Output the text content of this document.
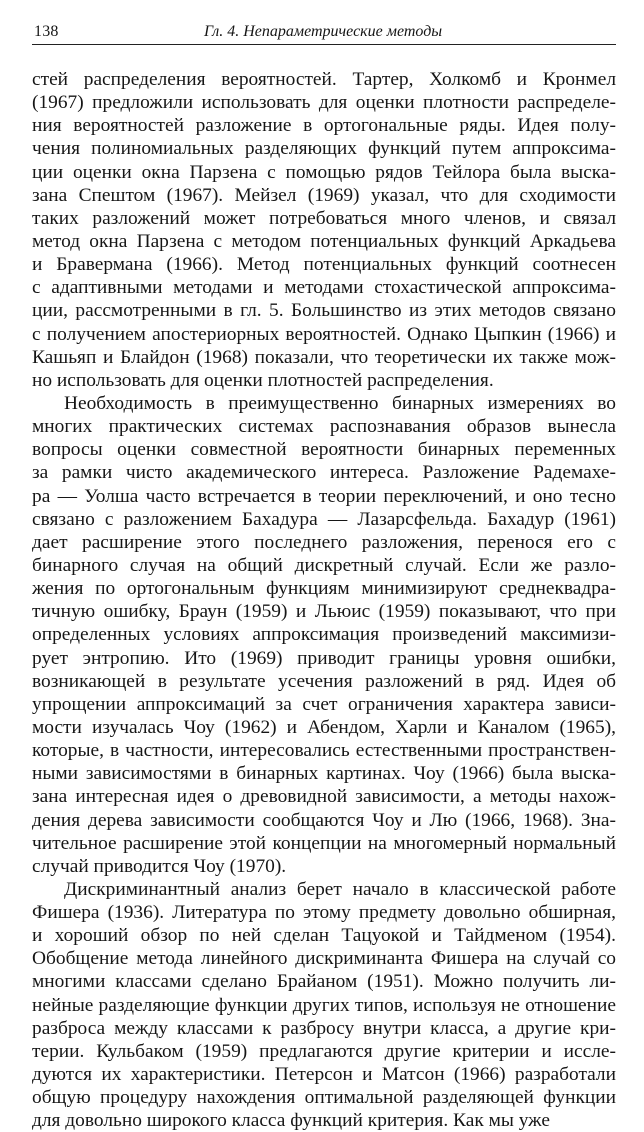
138	Гл. 4. Непараметрические методы
стей распределения вероятностей. Тартер, Холкомб и Кронмел
(1967) предложили использовать для оценки плотности распределе-
ния вероятностей разложение в ортогональные ряды. Идея полу-
чения полиномиальных разделяющих функций путем аппроксима-
ции оценки окна Парзена с помощью рядов Тейлора была выска-
зана Спештом (1967). Мейзел (1969) указал, что для сходимости
таких разложений может потребоваться много членов, и связал
метод окна Парзена с методом потенциальных функций Аркадьева
и Бравермана (1966). Метод потенциальных функций соотнесен
с адаптивными методами и методами стохастической аппроксима-
ции, рассмотренными в гл. 5. Большинство из этих методов связано
с получением апостериорных вероятностей. Однако Цыпкин (1966) и
Кашьяп и Блайдон (1968) показали, что теоретически их также мож-
но использовать для оценки плотностей распределения.
Необходимость в преимущественно бинарных измерениях во
многих практических системах распознавания образов вынесла
вопросы оценки совместной вероятности бинарных переменных
за рамки чисто академического интереса. Разложение Радемахе-
ра — Уолша часто встречается в теории переключений, и оно тесно
связано с разложением Бахадура — Лазарсфельда. Бахадур (1961)
дает расширение этого последнего разложения, перенося его с
бинарного случая на общий дискретный случай. Если же разло-
жения по ортогональным функциям минимизируют среднеквадра-
тичную ошибку, Браун (1959) и Льюис (1959) показывают, что при
определенных условиях аппроксимация произведений максимизи-
рует энтропию. Ито (1969) приводит границы уровня ошибки,
возникающей в результате усечения разложений в ряд. Идея об
упрощении аппроксимаций за счет ограничения характера зависи-
мости изучалась Чоу (1962) и Абендом, Харли и Каналом (1965),
которые, в частности, интересовались естественными пространствен-
ными зависимостями в бинарных картинах. Чоу (1966) была выска-
зана интересная идея о древовидной зависимости, а методы нахож-
дения дерева зависимости сообщаются Чоу и Лю (1966, 1968). Зна-
чительное расширение этой концепции на многомерный нормальный
случай приводится Чоу (1970).
Дискриминантный анализ берет начало в классической работе
Фишера (1936). Литература по этому предмету довольно обширная,
и хороший обзор по ней сделан Тацуокой и Тайдменом (1954).
Обобщение метода линейного дискриминанта Фишера на случай со
многими классами сделано Брайаном (1951). Можно получить ли-
нейные разделяющие функции других типов, используя не отношение
разброса между классами к разбросу внутри класса, а другие кри-
терии. Кульбаком (1959) предлагаются другие критерии и иссле-
дуются их характеристики. Петерсон и Матсон (1966) разработали
общую процедуру нахождения оптимальной разделяющей функции
для довольно широкого класса функций критерия. Как мы уже
